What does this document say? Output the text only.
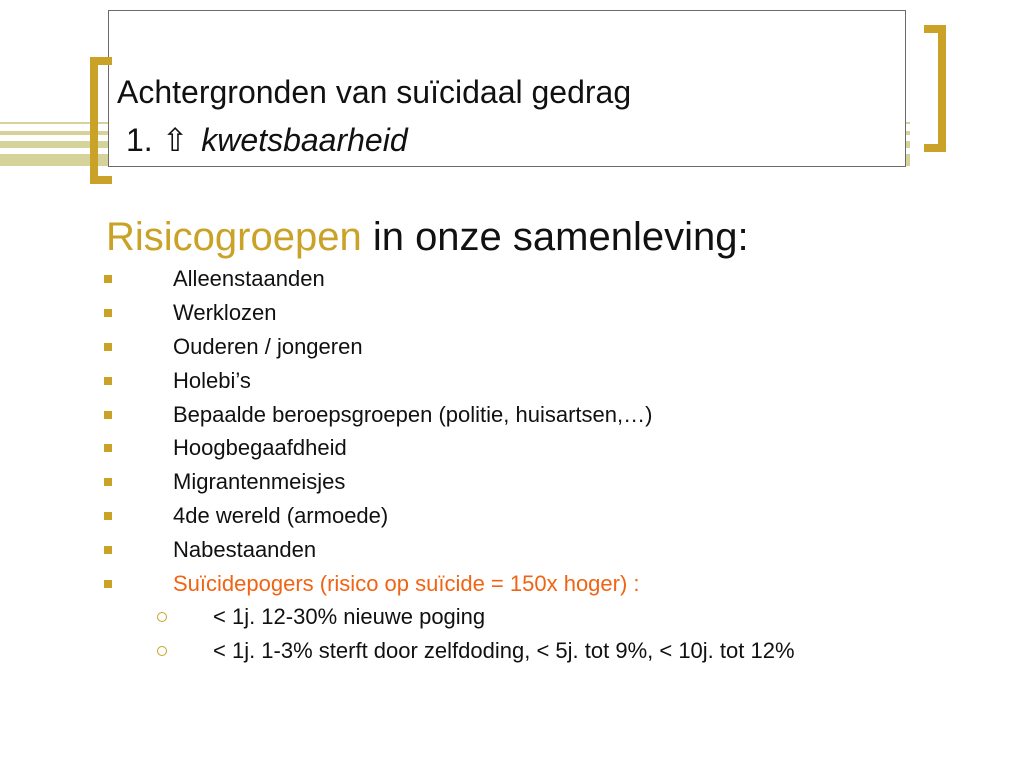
Achtergronden van suïcidaal gedrag
1. ⇧ kwetsbaarheid
Risicogroepen in onze samenleving:
Alleenstaanden
Werklozen
Ouderen / jongeren
Holebi’s
Bepaalde beroepsgroepen (politie, huisartsen,…)
Hoogbegaafdheid
Migrantenmeisjes
4de wereld (armoede)
Nabestaanden
Suïcidepogers (risico op suïcide = 150x hoger) :
< 1j. 12-30% nieuwe poging
< 1j. 1-3% sterft door zelfdoding, < 5j. tot 9%, < 10j. tot 12%
